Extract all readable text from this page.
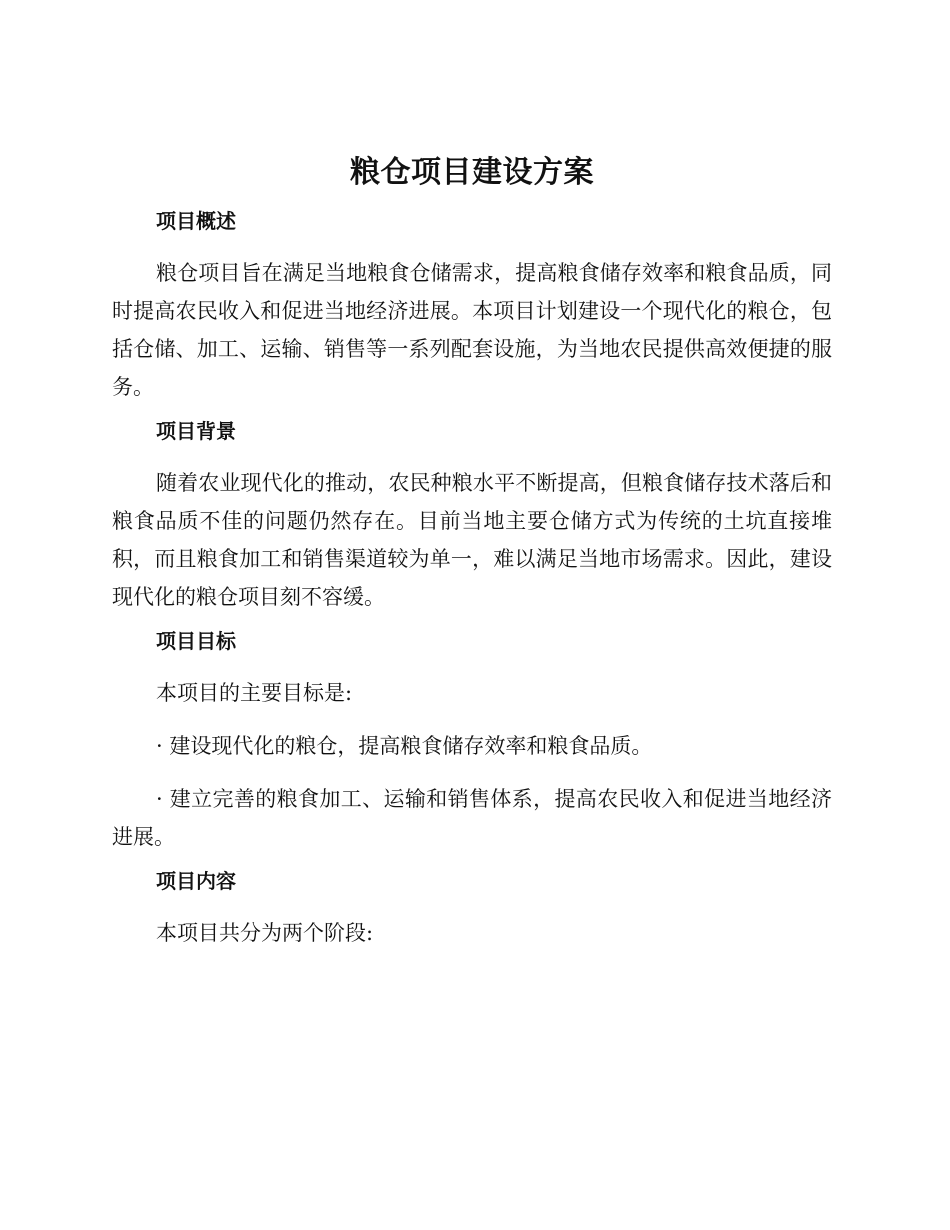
粮仓项目建设方案
项目概述

粮仓项目旨在满足当地粮食仓储需求，提高粮食储存效率和粮食品质，同时提高农民收入和促进当地经济进展。本项目计划建设一个现代化的粮仓，包括仓储、加工、运输、销售等一系列配套设施，为当地农民提供高效便捷的服务。

项目背景

随着农业现代化的推动，农民种粮水平不断提高，但粮食储存技术落后和粮食品质不佳的问题仍然存在。目前当地主要仓储方式为传统的土坑直接堆积，而且粮食加工和销售渠道较为单一，难以满足当地市场需求。因此，建设现代化的粮仓项目刻不容缓。

项目目标

本项目的主要目标是:

· 建设现代化的粮仓，提高粮食储存效率和粮食品质。

· 建立完善的粮食加工、运输和销售体系，提高农民收入和促进当地经济进展。

项目内容

本项目共分为两个阶段:
